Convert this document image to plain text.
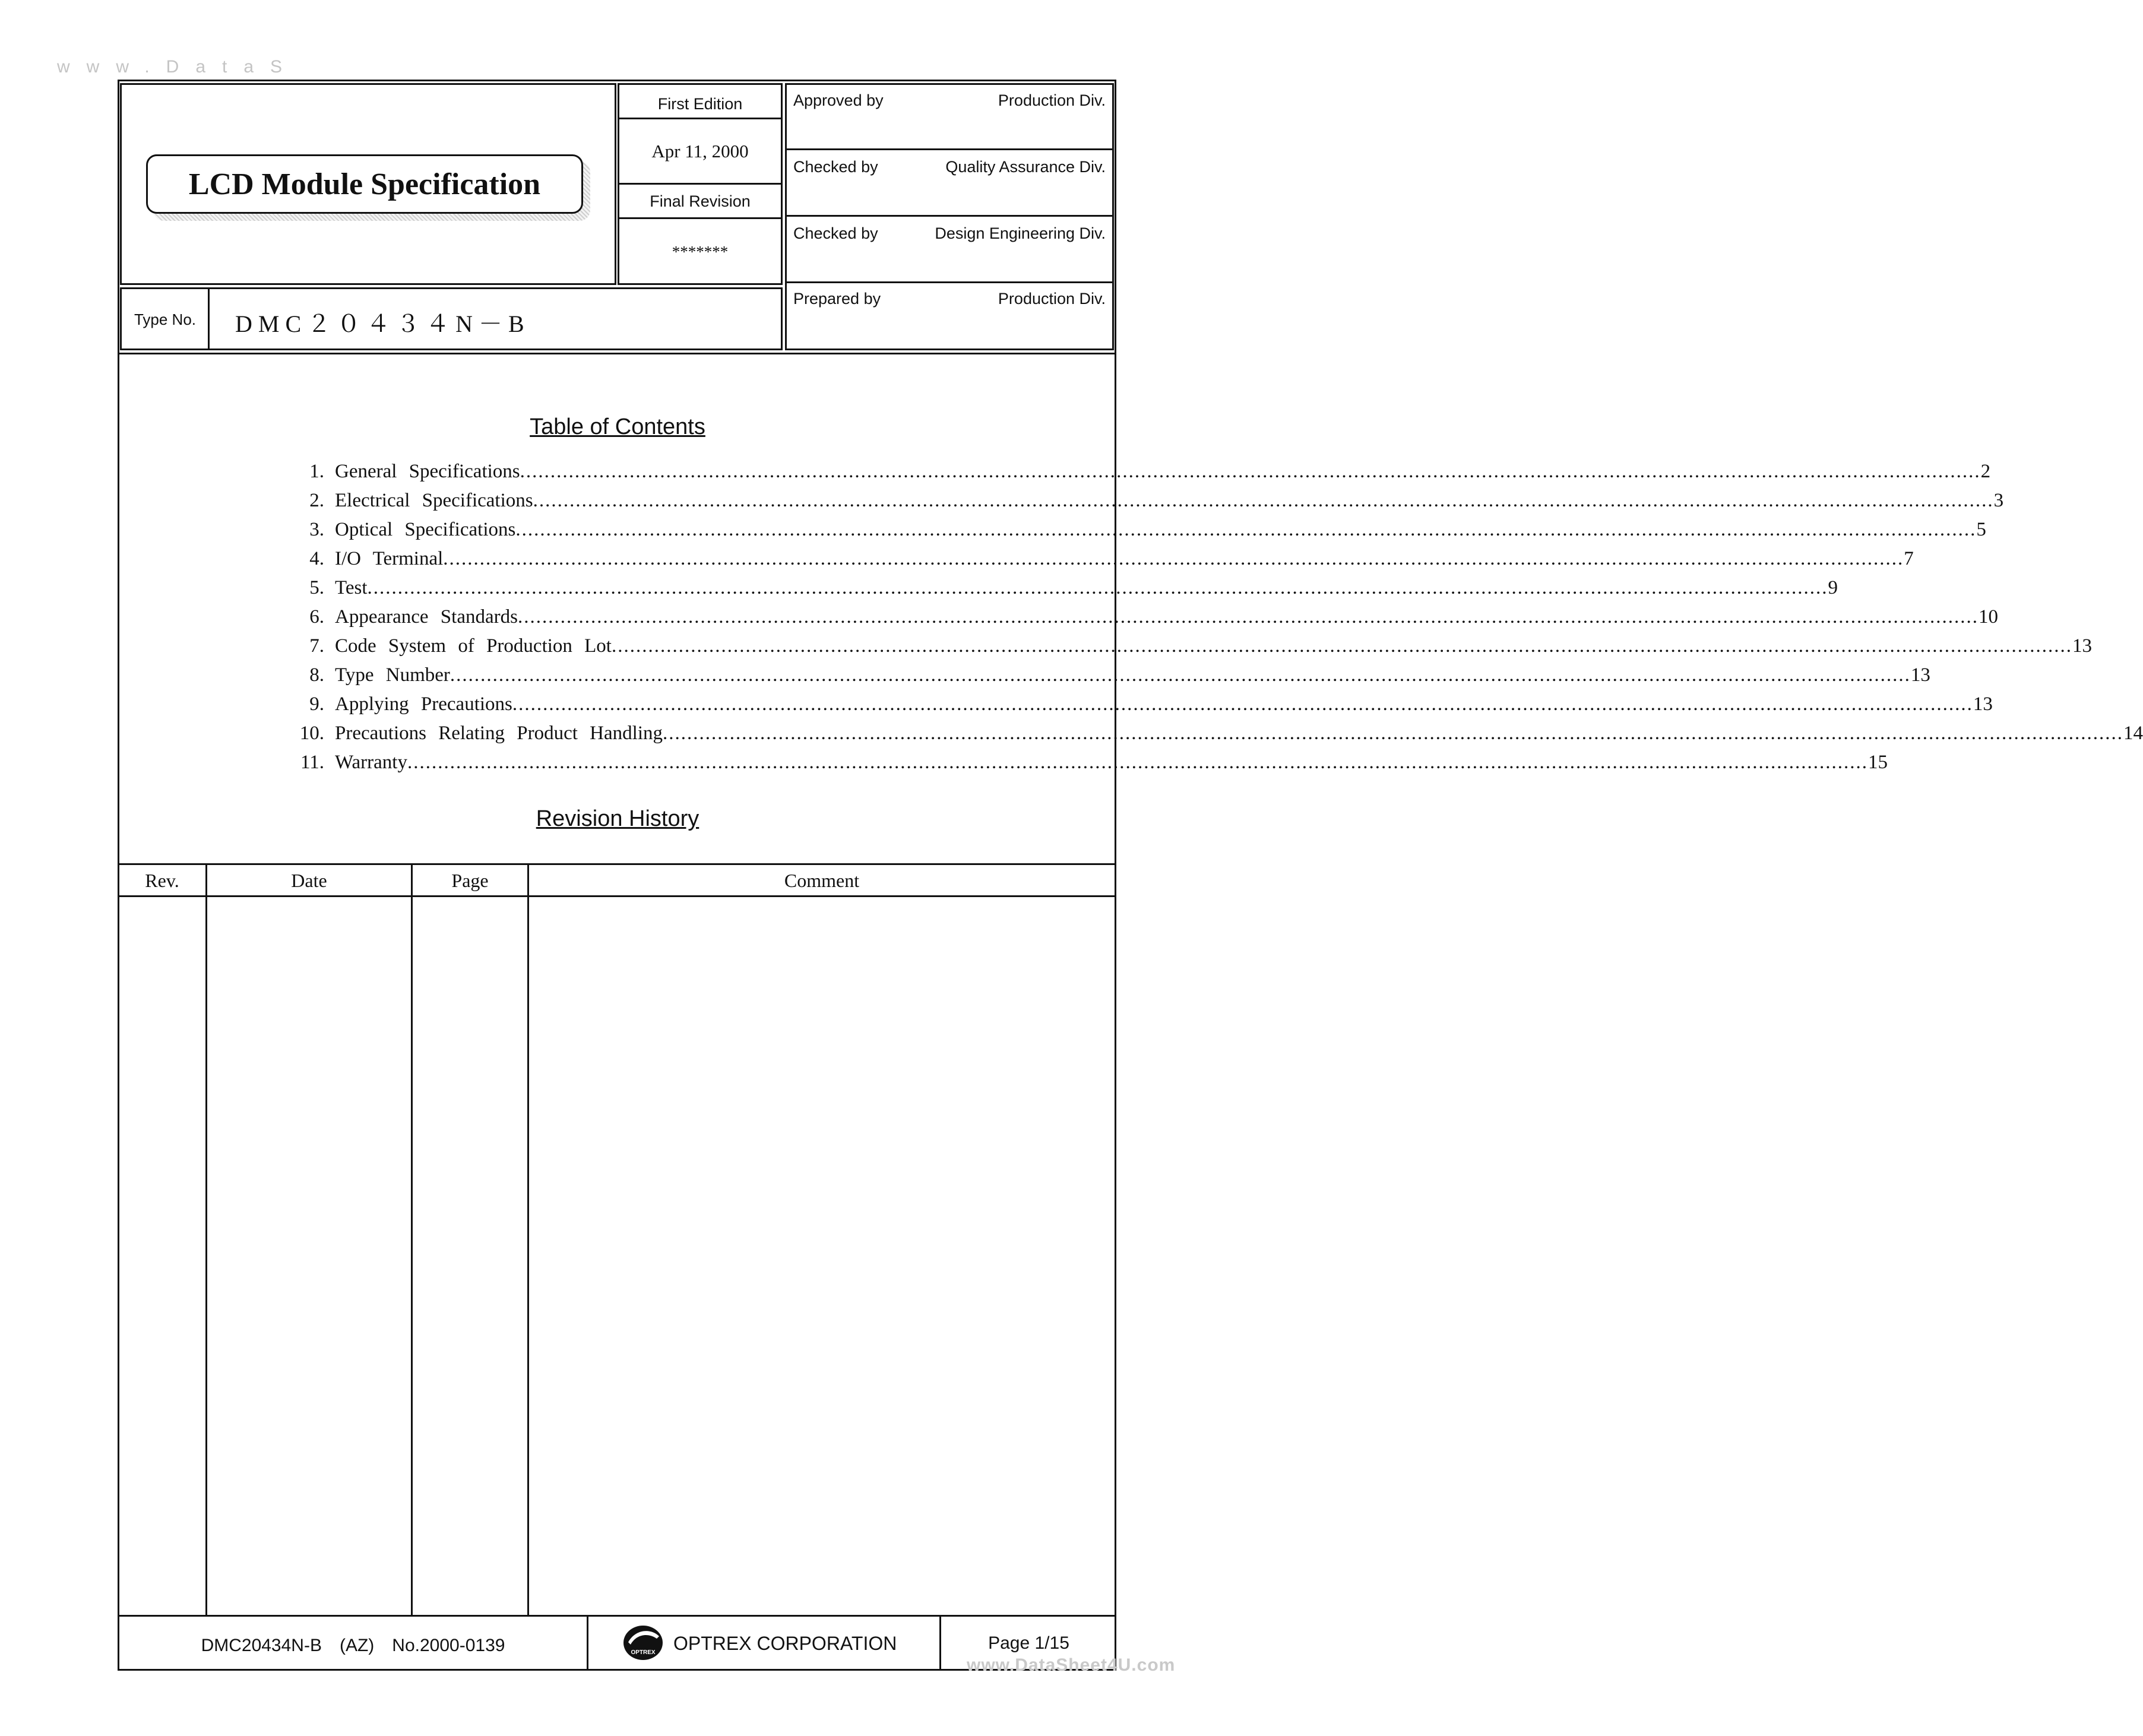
www.DataS
LCD Module Specification
First Edition
Apr 11, 2000
Final Revision
*******
Type No.	DMC２０４３４N－B
Approved by	Production Div.
Checked by	Quality Assurance Div.
Checked by	Design Engineering Div.
Prepared by	Production Div.
Table of Contents
1. General Specifications ................................................................................................................................................................................................................................................ 2
2. Electrical Specifications ................................................................................................................................................................................................................................................ 3
3. Optical Specifications ................................................................................................................................................................................................................................................ 5
4. I/O Terminal ................................................................................................................................................................................................................................................ 7
5. Test ................................................................................................................................................................................................................................................ 9
6. Appearance Standards ................................................................................................................................................................................................................................................ 10
7. Code System of Production Lot ................................................................................................................................................................................................................................................ 13
8. Type Number ................................................................................................................................................................................................................................................ 13
9. Applying Precautions ................................................................................................................................................................................................................................................ 13
10. Precautions Relating Product Handling ................................................................................................................................................................................................................................................ 14
11. Warranty ................................................................................................................................................................................................................................................ 15
Revision History
Rev.	Date	Page	Comment
DMC20434N-B　(AZ)　No.2000-0139	OPTREX OPTREX CORPORATION	Page 1/15
www.DataSheet4U.com
